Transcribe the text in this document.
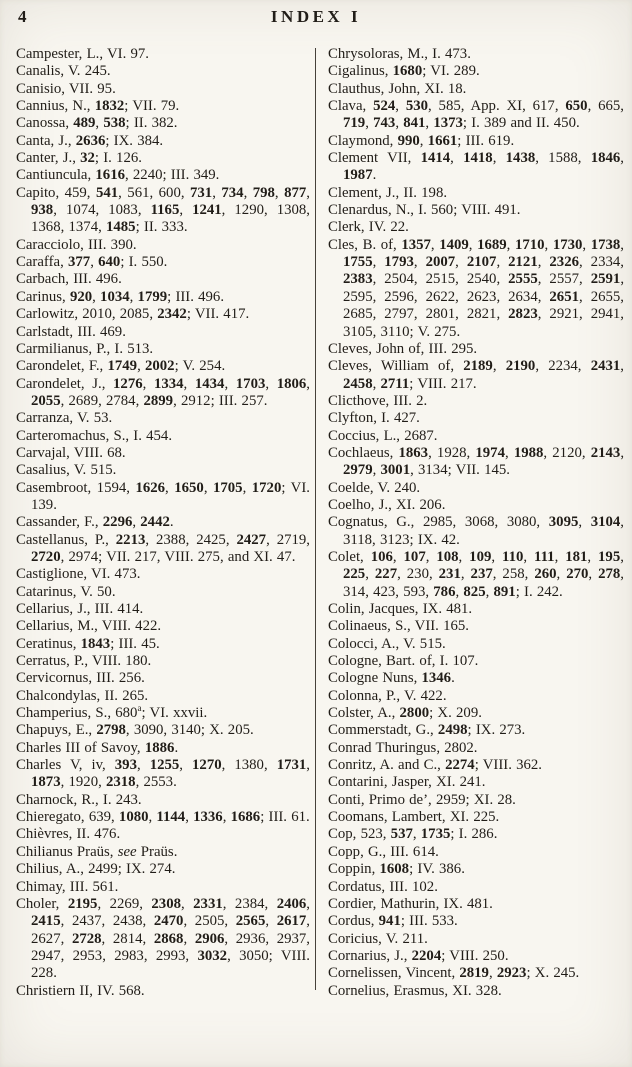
4	INDEX I
Campester, L., VI. 97.
Canalis, V. 245.
Canisio, VII. 95.
Cannius, N., 1832; VII. 79.
Canossa, 489, 538; II. 382.
Canta, J., 2636; IX. 384.
Canter, J., 32; I. 126.
Cantiuncula, 1616, 2240; III. 349.
Capito, 459, 541, 561, 600, 731, 734, 798, 877, 938, 1074, 1083, 1165, 1241, 1290, 1308, 1368, 1374, 1485; II. 333.
Caracciolo, III. 390.
Caraffa, 377, 640; I. 550.
Carbach, III. 496.
Carinus, 920, 1034, 1799; III. 496.
Carlowitz, 2010, 2085, 2342; VII. 417.
Carlstadt, III. 469.
Carmilianus, P., I. 513.
Carondelet, F., 1749, 2002; V. 254.
Carondelet, J., 1276, 1334, 1434, 1703, 1806, 2055, 2689, 2784, 2899, 2912; III. 257.
Carranza, V. 53.
Carteromachus, S., I. 454.
Carvajal, VIII. 68.
Casalius, V. 515.
Casembroot, 1594, 1626, 1650, 1705, 1720; VI. 139.
Cassander, F., 2296, 2442.
Castellanus, P., 2213, 2388, 2425, 2427, 2719, 2720, 2974; VII. 217, VIII. 275, and XI. 47.
Castiglione, VI. 473.
Catarinus, V. 50.
Cellarius, J., III. 414.
Cellarius, M., VIII. 422.
Ceratinus, 1843; III. 45.
Cerratus, P., VIII. 180.
Cervicornus, III. 256.
Chalcondylas, II. 265.
Champerius, S., 680$^a$; VI. xxvii.
Chapuys, E., 2798, 3090, 3140; X. 205.
Charles III of Savoy, 1886.
Charles V, iv, 393, 1255, 1270, 1380, 1731, 1873, 1920, 2318, 2553.
Charnock, R., I. 243.
Chieregato, 639, 1080, 1144, 1336, 1686; III. 61.
Chièvres, II. 476.
Chilianus Praüs, see Praüs.
Chilius, A., 2499; IX. 274.
Chimay, III. 561.
Choler, 2195, 2269, 2308, 2331, 2384, 2406, 2415, 2437, 2438, 2470, 2505, 2565, 2617, 2627, 2728, 2814, 2868, 2906, 2936, 2937, 2947, 2953, 2983, 2993, 3032, 3050; VIII. 228.
Christiern II, IV. 568.
Chrysoloras, M., I. 473.
Cigalinus, 1680; VI. 289.
Clauthus, John, XI. 18.
Clava, 524, 530, 585, App. XI, 617, 650, 665, 719, 743, 841, 1373; I. 389 and II. 450.
Claymond, 990, 1661; III. 619.
Clement VII, 1414, 1418, 1438, 1588, 1846, 1987.
Clement, J., II. 198.
Clenardus, N., I. 560; VIII. 491.
Clerk, IV. 22.
Cles, B. of, 1357, 1409, 1689, 1710, 1730, 1738, 1755, 1793, 2007, 2107, 2121, 2326, 2334, 2383, 2504, 2515, 2540, 2555, 2557, 2591, 2595, 2596, 2622, 2623, 2634, 2651, 2655, 2685, 2797, 2801, 2821, 2823, 2921, 2941, 3105, 3110; V. 275.
Cleves, John of, III. 295.
Cleves, William of, 2189, 2190, 2234, 2431, 2458, 2711; VIII. 217.
Clicthove, III. 2.
Clyfton, I. 427.
Coccius, L., 2687.
Cochlaeus, 1863, 1928, 1974, 1988, 2120, 2143, 2979, 3001, 3134; VII. 145.
Coelde, V. 240.
Coelho, J., XI. 206.
Cognatus, G., 2985, 3068, 3080, 3095, 3104, 3118, 3123; IX. 42.
Colet, 106, 107, 108, 109, 110, 111, 181, 195, 225, 227, 230, 231, 237, 258, 260, 270, 278, 314, 423, 593, 786, 825, 891; I. 242.
Colin, Jacques, IX. 481.
Colinaeus, S., VII. 165.
Colocci, A., V. 515.
Cologne, Bart. of, I. 107.
Cologne Nuns, 1346.
Colonna, P., V. 422.
Colster, A., 2800; X. 209.
Commerstadt, G., 2498; IX. 273.
Conrad Thuringus, 2802.
Conritz, A. and C., 2274; VIII. 362.
Contarini, Jasper, XI. 241.
Conti, Primo de’, 2959; XI. 28.
Coomans, Lambert, XI. 225.
Cop, 523, 537, 1735; I. 286.
Copp, G., III. 614.
Coppin, 1608; IV. 386.
Cordatus, III. 102.
Cordier, Mathurin, IX. 481.
Cordus, 941; III. 533.
Coricius, V. 211.
Cornarius, J., 2204; VIII. 250.
Cornelissen, Vincent, 2819, 2923; X. 245.
Cornelius, Erasmus, XI. 328.
